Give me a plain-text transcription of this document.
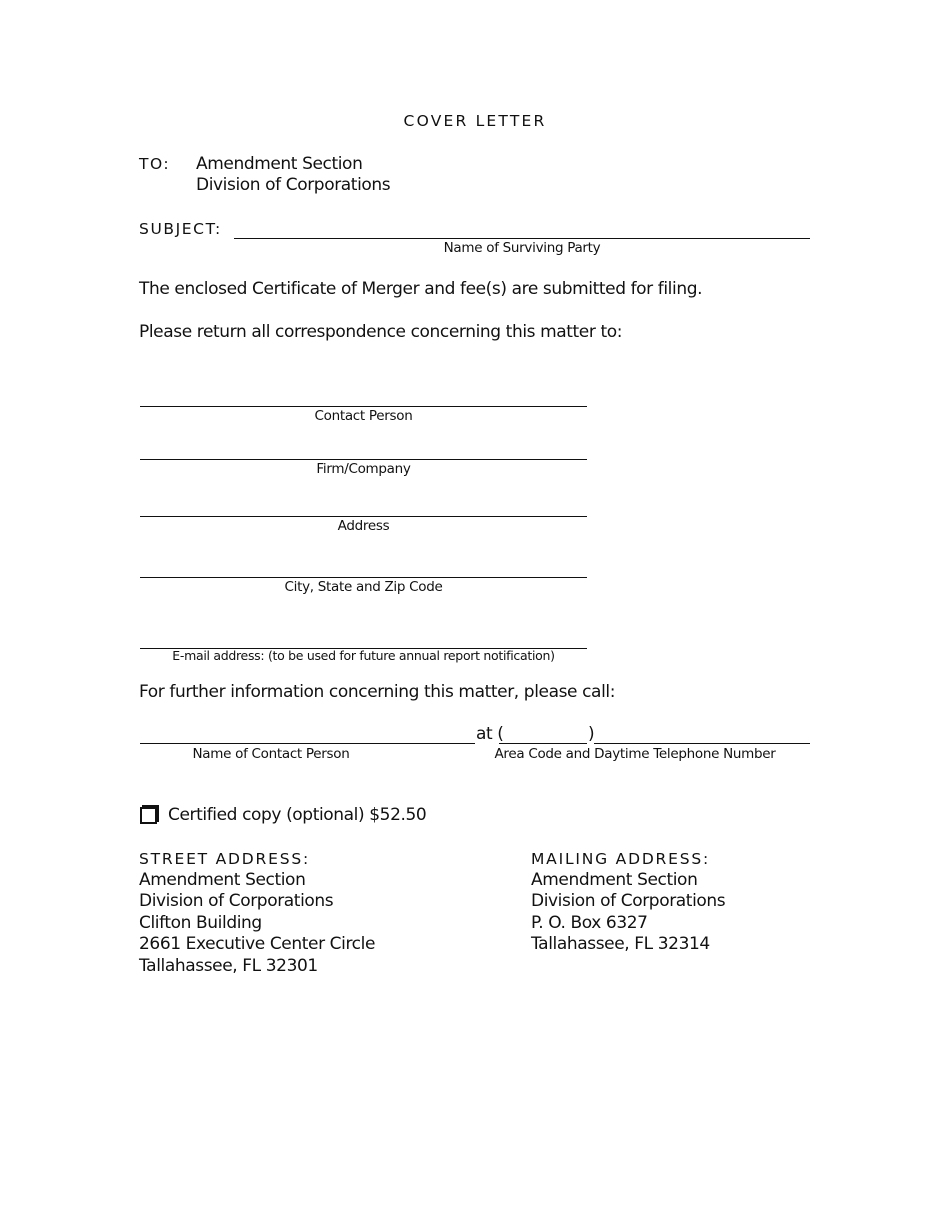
COVER LETTER
TO: Amendment Section
Division of Corporations
SUBJECT:
Name of Surviving Party
The enclosed Certificate of Merger and fee(s) are submitted for filing.
Please return all correspondence concerning this matter to:
Contact Person
Firm/Company
Address
City, State and Zip Code
E-mail address: (to be used for future annual report notification)
For further information concerning this matter, please call:
at (	)
Name of Contact Person	Area Code and Daytime Telephone Number
Certified copy (optional) $52.50
STREET ADDRESS:
Amendment Section
Division of Corporations
Clifton Building
2661 Executive Center Circle
Tallahassee, FL 32301
MAILING ADDRESS:
Amendment Section
Division of Corporations
P. O. Box 6327
Tallahassee, FL 32314
